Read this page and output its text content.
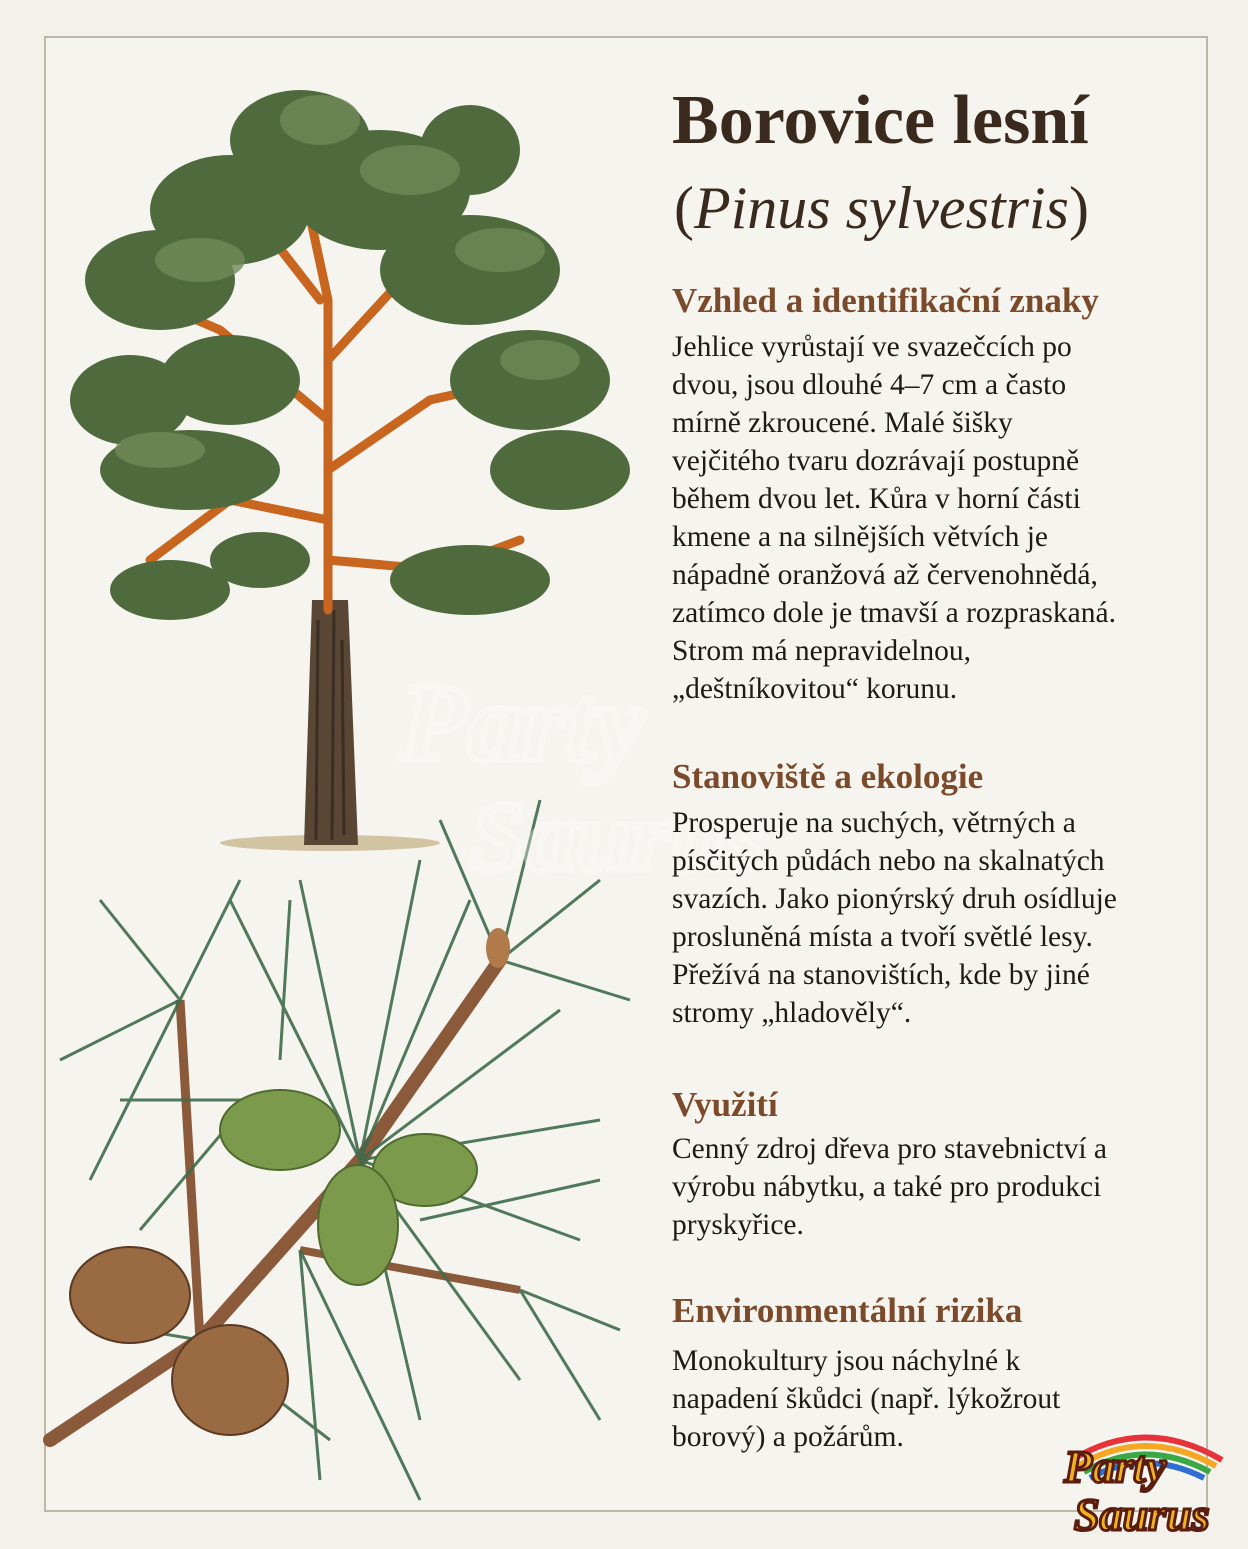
Party
Saurus
Borovice lesní
(Pinus sylvestris)
Vzhled a identifikační znaky
Jehlice vyrůstají ve svazečcích po
dvou, jsou dlouhé 4–7 cm a často
mírně zkroucené. Malé šišky
vejčitého tvaru dozrávají postupně
během dvou let. Kůra v horní části
kmene a na silnějších větvích je
nápadně oranžová až červenohnědá,
zatímco dole je tmavší a rozpraskaná.
Strom má nepravidelnou,
„deštníkovitou“ korunu.
Stanoviště a ekologie
Prosperuje na suchých, větrných a
písčitých půdách nebo na skalnatých
svazích. Jako pionýrský druh osídluje
prosluněná místa a tvoří světlé lesy.
Přežívá na stanovištích, kde by jiné
stromy „hladověly“.
Využití
Cenný zdroj dřeva pro stavebnictví a
výrobu nábytku, a také pro produkci
pryskyřice.
Environmentální rizika
Monokultury jsou náchylné k
napadení škůdci (např. lýkožrout
borový) a požárům.
Party
Saurus
